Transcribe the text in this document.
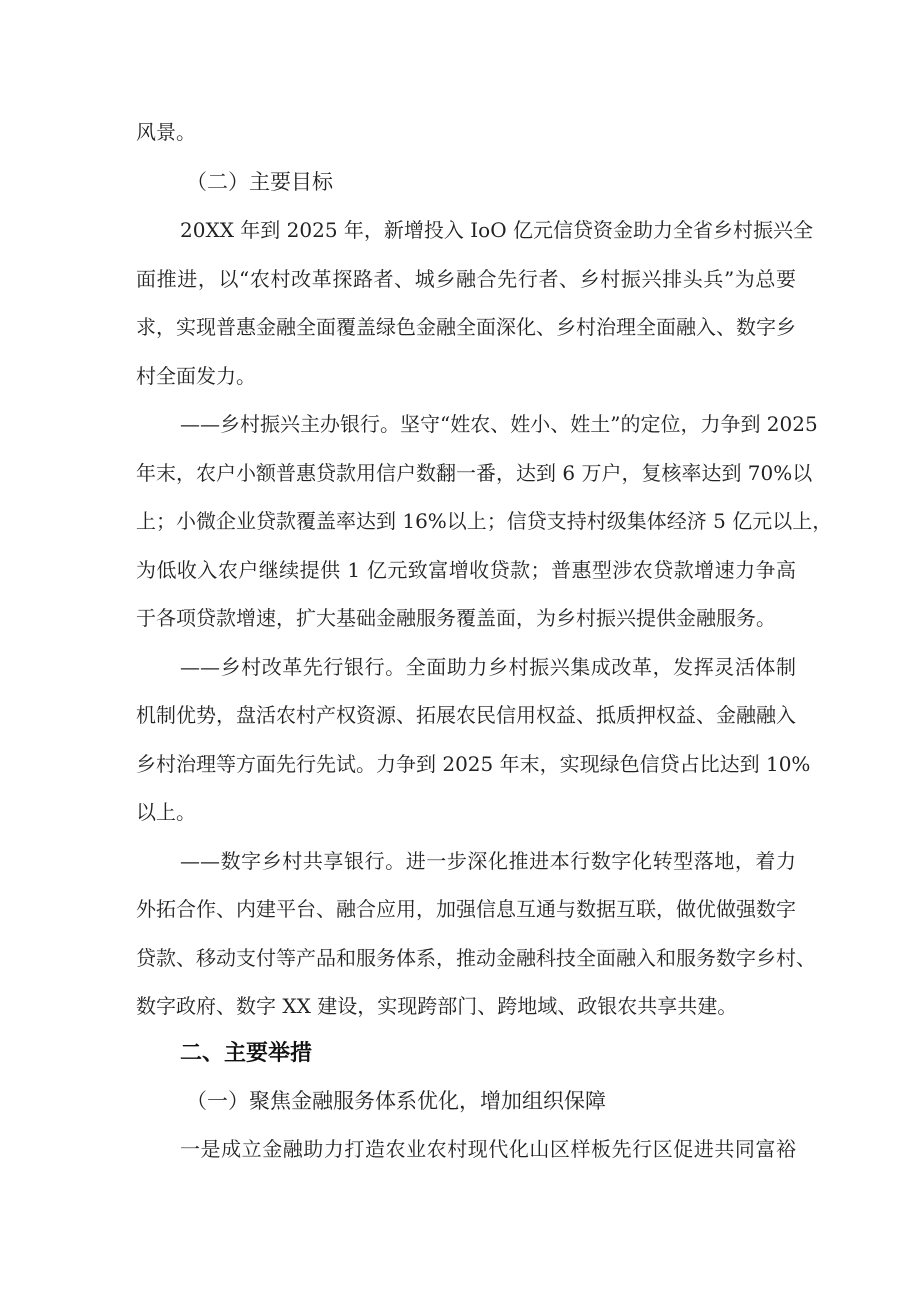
风景。
（二）主要目标
20XX 年到 2025 年，新增投入 IoO 亿元信贷资金助力全省乡村振兴全
面推进，以“农村改革探路者、城乡融合先行者、乡村振兴排头兵”为总要
求，实现普惠金融全面覆盖绿色金融全面深化、乡村治理全面融入、数字乡
村全面发力。
——乡村振兴主办银行。坚守“姓农、姓小、姓土”的定位，力争到 2025
年末，农户小额普惠贷款用信户数翻一番，达到 6 万户，复核率达到 70%以
上；小微企业贷款覆盖率达到 16%以上；信贷支持村级集体经济 5 亿元以上，
为低收入农户继续提供 1 亿元致富增收贷款；普惠型涉农贷款增速力争高
于各项贷款增速，扩大基础金融服务覆盖面，为乡村振兴提供金融服务。
——乡村改革先行银行。全面助力乡村振兴集成改革，发挥灵活体制
机制优势，盘活农村产权资源、拓展农民信用权益、抵质押权益、金融融入
乡村治理等方面先行先试。力争到 2025 年末，实现绿色信贷占比达到 10%
以上。
——数字乡村共享银行。进一步深化推进本行数字化转型落地，着力
外拓合作、内建平台、融合应用，加强信息互通与数据互联，做优做强数字
贷款、移动支付等产品和服务体系，推动金融科技全面融入和服务数字乡村、
数字政府、数字 XX 建设，实现跨部门、跨地域、政银农共享共建。
二、主要举措
（一）聚焦金融服务体系优化，增加组织保障
一是成立金融助力打造农业农村现代化山区样板先行区促进共同富裕
